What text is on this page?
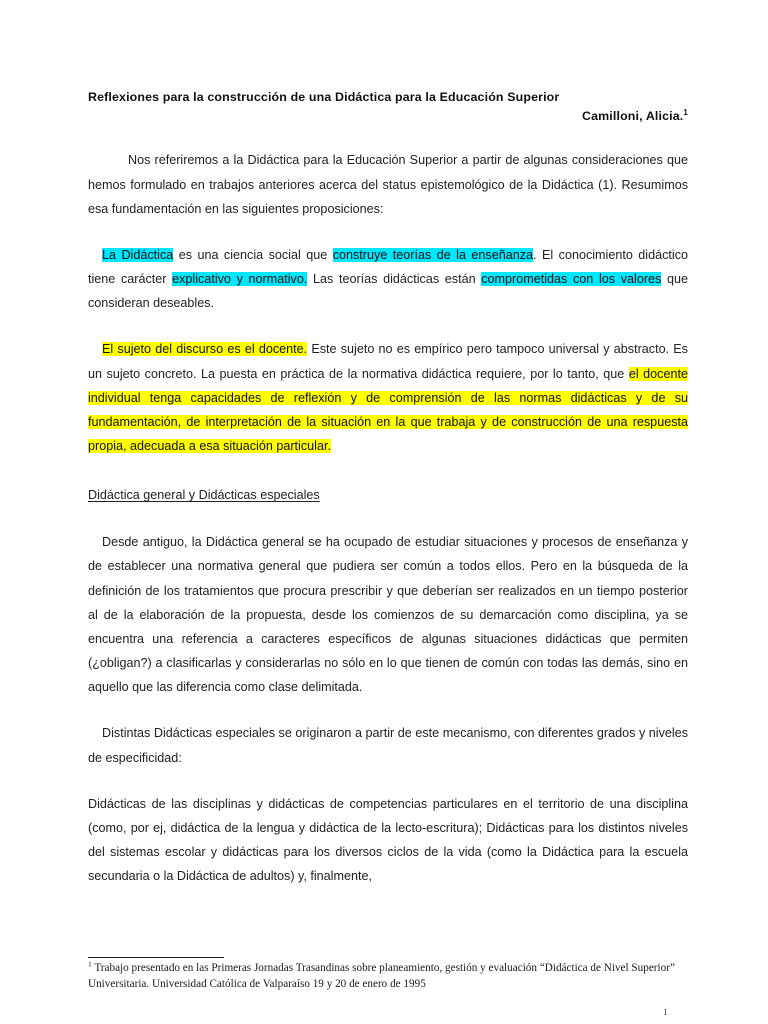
Reflexiones para la construcción de una Didáctica para la Educación Superior
Camilloni, Alicia.$^1$

Nos referiremos a la Didáctica para la Educación Superior a partir de algunas consideraciones que hemos formulado en trabajos anteriores acerca del status epistemológico de la Didáctica (1). Resumimos esa fundamentación en las siguientes proposiciones:

La Didáctica es una ciencia social que construye teorías de la enseñanza. El conocimiento didáctico tiene carácter explicativo y normativo. Las teorías didácticas están comprometidas con los valores que consideran deseables.

El sujeto del discurso es el docente. Este sujeto no es empírico pero tampoco universal y abstracto. Es un sujeto concreto. La puesta en práctica de la normativa didáctica requiere, por lo tanto, que el docente individual tenga capacidades de reflexión y de comprensión de las normas didácticas y de su fundamentación, de interpretación de la situación en la que trabaja y de construcción de una respuesta propia, adecuada a esa situación particular.

Didáctica general y Didácticas especiales

Desde antiguo, la Didáctica general se ha ocupado de estudiar situaciones y procesos de enseñanza y de establecer una normativa general que pudiera ser común a todos ellos. Pero en la búsqueda de la definición de los tratamientos que procura prescribir y que deberían ser realizados en un tiempo posterior al de la elaboración de la propuesta, desde los comienzos de su demarcación como disciplina, ya se encuentra una referencia a caracteres específicos de algunas situaciones didácticas que permiten (¿obligan?) a clasificarlas y considerarlas no sólo en lo que tienen de común con todas las demás, sino en aquello que las diferencia como clase delimitada.

Distintas Didácticas especiales se originaron a partir de este mecanismo, con diferentes grados y niveles de especificidad:

Didácticas de las disciplinas y didácticas de competencias particulares en el territorio de una disciplina (como, por ej, didáctica de la lengua y didáctica de la lecto-escritura); Didácticas para los distintos niveles del sistemas escolar y didácticas para los diversos ciclos de la vida (como la Didáctica para la escuela secundaria o la Didáctica de adultos) y, finalmente,

$^1$ Trabajo presentado en las Primeras Jornadas Trasandinas sobre planeamiento, gestión y evaluación “Didáctica de Nivel Superior” Universitaria. Universidad Católica de Valparaíso 19 y 20 de enero de 1995

1
